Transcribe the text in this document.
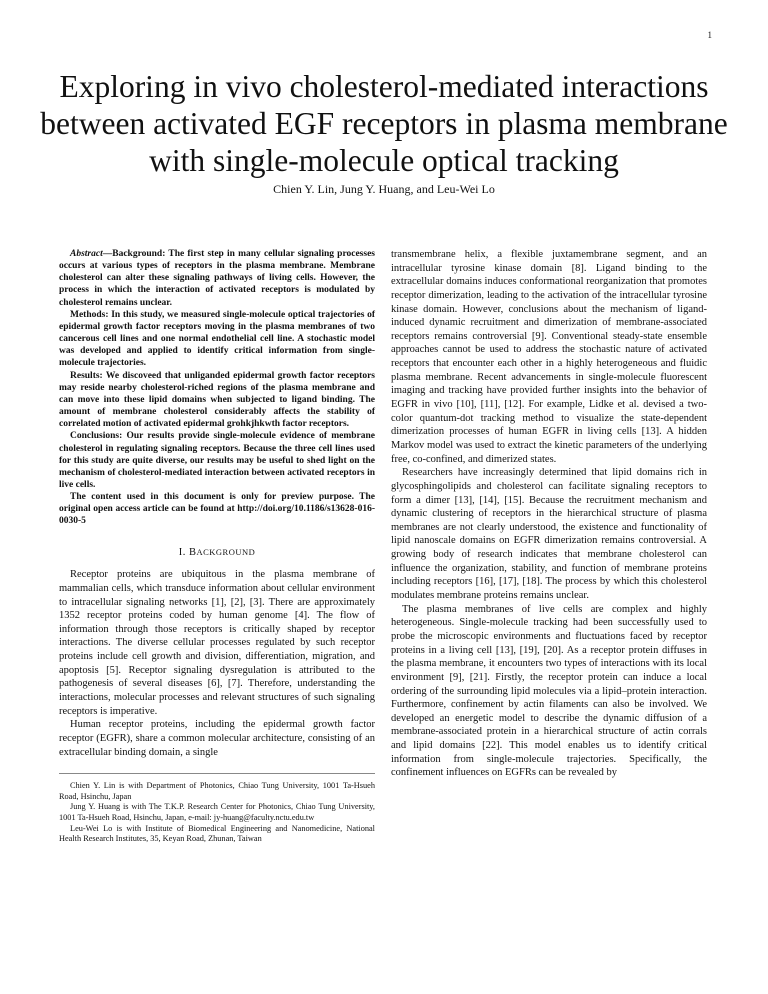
1
Exploring in vivo cholesterol-mediated interactions between activated EGF receptors in plasma membrane with single-molecule optical tracking
Chien Y. Lin, Jung Y. Huang, and Leu-Wei Lo

Abstract—Background: The first step in many cellular signaling processes occurs at various types of receptors in the plasma membrane. Membrane cholesterol can alter these signaling pathways of living cells. However, the process in which the interaction of activated receptors is modulated by cholesterol remains unclear.

Methods: In this study, we measured single-molecule optical trajectories of epidermal growth factor receptors moving in the plasma membranes of two cancerous cell lines and one normal endothelial cell line. A stochastic model was developed and applied to identify critical information from single-molecule trajectories.

Results: We discoveed that unliganded epidermal growth factor receptors may reside nearby cholesterol-riched regions of the plasma membrane and can move into these lipid domains when subjected to ligand binding. The amount of membrane cholesterol considerably affects the stability of correlated motion of activated epidermal grohkjhkwth factor receptors.

Conclusions: Our results provide single-molecule evidence of membrane cholesterol in regulating signaling receptors. Because the three cell lines used for this study are quite diverse, our results may be useful to shed light on the mechanism of cholesterol-mediated interaction between activated receptors in live cells.

The content used in this document is only for preview purpose. The original open access article can be found at http://doi.org/10.1186/s13628-016-0030-5

I. BACKGROUND

Receptor proteins are ubiquitous in the plasma membrane of mammalian cells, which transduce information about cellular environment to intracellular signaling networks [1], [2], [3]. There are approximately 1352 receptor proteins coded by human genome [4]. The flow of information through those receptors is critically shaped by receptor interactions. The diverse cellular processes regulated by such receptor proteins include cell growth and division, differentiation, migration, and apoptosis [5]. Receptor signaling dysregulation is attributed to the pathogenesis of several diseases [6], [7]. Therefore, understanding the interactions, molecular processes and relevant structures of such signaling receptors is imperative.

Human receptor proteins, including the epidermal growth factor receptor (EGFR), share a common molecular architecture, consisting of an extracellular binding domain, a single

Chien Y. Lin is with Department of Photonics, Chiao Tung University, 1001 Ta-Hsueh Road, Hsinchu, Japan

Jung Y. Huang is with The T.K.P. Research Center for Photonics, Chiao Tung University, 1001 Ta-Hsueh Road, Hsinchu, Japan, e-mail: jy-huang@faculty.nctu.edu.tw

Leu-Wei Lo is with Institute of Biomedical Engineering and Nanomedicine, National Health Research Institutes, 35, Keyan Road, Zhunan, Taiwan

transmembrane helix, a flexible juxtamembrane segment, and an intracellular tyrosine kinase domain [8]. Ligand binding to the extracellular domains induces conformational reorganization that promotes receptor dimerization, leading to the activation of the intracellular tyrosine kinase domain. However, conclusions about the mechanism of ligand-induced dynamic recruitment and dimerization of membrane-associated receptors remains controversial [9]. Conventional steady-state ensemble approaches cannot be used to address the stochastic nature of activated receptors that encounter each other in a highly heterogeneous and fluidic plasma membrane. Recent advancements in single-molecule fluorescent imaging and tracking have provided further insights into the behavior of EGFR in vivo [10], [11], [12]. For example, Lidke et al. devised a two-color quantum-dot tracking method to visualize the state-dependent dimerization processes of human EGFR in living cells [13]. A hidden Markov model was used to extract the kinetic parameters of the underlying free, co-confined, and dimerized states.

Researchers have increasingly determined that lipid domains rich in glycosphingolipids and cholesterol can facilitate signaling receptors to form a dimer [13], [14], [15]. Because the recruitment mechanism and dynamic clustering of receptors in the hierarchical structure of plasma membranes are not clearly understood, the existence and functionality of lipid nanoscale domains on EGFR dimerization remains controversial. A growing body of research indicates that membrane cholesterol can influence the organization, stability, and function of membrane proteins including receptors [16], [17], [18]. The process by which this cholesterol modulates membrane proteins remains unclear.

The plasma membranes of live cells are complex and highly heterogeneous. Single-molecule tracking had been successfully used to probe the microscopic environments and fluctuations faced by receptor proteins in a living cell [13], [19], [20]. As a receptor protein diffuses in the plasma membrane, it encounters two types of interactions with its local environment [9], [21]. Firstly, the receptor protein can induce a local ordering of the surrounding lipid molecules via a lipid–protein interaction. Furthermore, confinement by actin filaments can also be involved. We developed an energetic model to describe the dynamic diffusion of a membrane-associated protein in a hierarchical structure of actin corrals and lipid domains [22]. This model enables us to identify critical information from single-molecule trajectories. Specifically, the confinement influences on EGFRs can be revealed by
